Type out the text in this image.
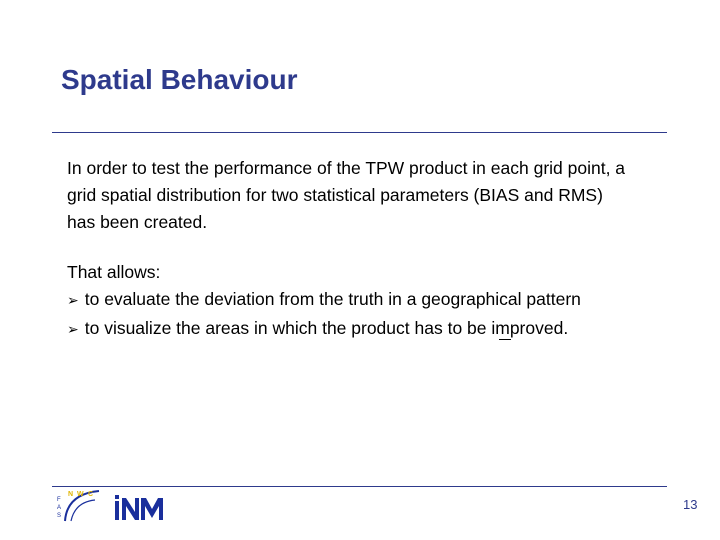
Spatial Behaviour
In order to test the performance of the TPW product in each grid point, a grid spatial distribution for two statistical parameters (BIAS and RMS) has been created.
That allows:
➢ to evaluate the deviation from the truth in a geographical pattern
➢ to visualize the areas in which the product has to be improved.
N W C
F
A
S
13
